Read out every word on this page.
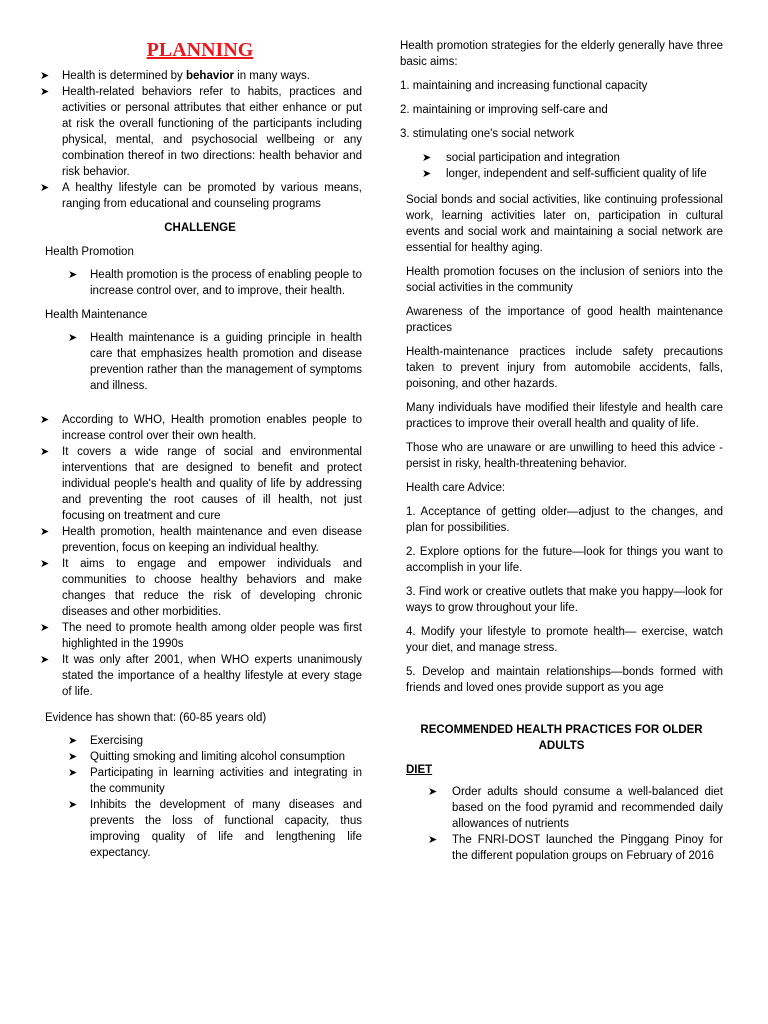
PLANNING
➤ Health is determined by behavior in many ways.
➤ Health-related behaviors refer to habits, practices and activities or personal attributes that either enhance or put at risk the overall functioning of the participants including physical, mental, and psychosocial wellbeing or any combination thereof in two directions: health behavior and risk behavior.
➤ A healthy lifestyle can be promoted by various means, ranging from educational and counseling programs
CHALLENGE
Health Promotion
➤ Health promotion is the process of enabling people to increase control over, and to improve, their health.
Health Maintenance
➤ Health maintenance is a guiding principle in health care that emphasizes health promotion and disease prevention rather than the management of symptoms and illness.
➤ According to WHO, Health promotion enables people to increase control over their own health.
➤ It covers a wide range of social and environmental interventions that are designed to benefit and protect individual people's health and quality of life by addressing and preventing the root causes of ill health, not just focusing on treatment and cure
➤ Health promotion, health maintenance and even disease prevention, focus on keeping an individual healthy.
➤ It aims to engage and empower individuals and communities to choose healthy behaviors and make changes that reduce the risk of developing chronic diseases and other morbidities.
➤ The need to promote health among older people was first highlighted in the 1990s
➤ It was only after 2001, when WHO experts unanimously stated the importance of a healthy lifestyle at every stage of life.
Evidence has shown that: (60-85 years old)
➤ Exercising
➤ Quitting smoking and limiting alcohol consumption
➤ Participating in learning activities and integrating in the community
➤ Inhibits the development of many diseases and prevents the loss of functional capacity, thus improving quality of life and lengthening life expectancy.
Health promotion strategies for the elderly generally have three basic aims:
1. maintaining and increasing functional capacity
2. maintaining or improving self-care and
3. stimulating one's social network
➤ social participation and integration
➤ longer, independent and self-sufficient quality of life
Social bonds and social activities, like continuing professional work, learning activities later on, participation in cultural events and social work and maintaining a social network are essential for healthy aging.
Health promotion focuses on the inclusion of seniors into the social activities in the community
Awareness of the importance of good health maintenance practices
Health-maintenance practices include safety precautions taken to prevent injury from automobile accidents, falls, poisoning, and other hazards.
Many individuals have modified their lifestyle and health care practices to improve their overall health and quality of life.
Those who are unaware or are unwilling to heed this advice - persist in risky, health-threatening behavior.
Health care Advice:
1. Acceptance of getting older—adjust to the changes, and plan for possibilities.
2. Explore options for the future—look for things you want to accomplish in your life.
3. Find work or creative outlets that make you happy—look for ways to grow throughout your life.
4. Modify your lifestyle to promote health— exercise, watch your diet, and manage stress.
5. Develop and maintain relationships—bonds formed with friends and loved ones provide support as you age
RECOMMENDED HEALTH PRACTICES FOR OLDER ADULTS
DIET
➤ Order adults should consume a well-balanced diet based on the food pyramid and recommended daily allowances of nutrients
➤ The FNRI-DOST launched the Pinggang Pinoy for the different population groups on February of 2016
